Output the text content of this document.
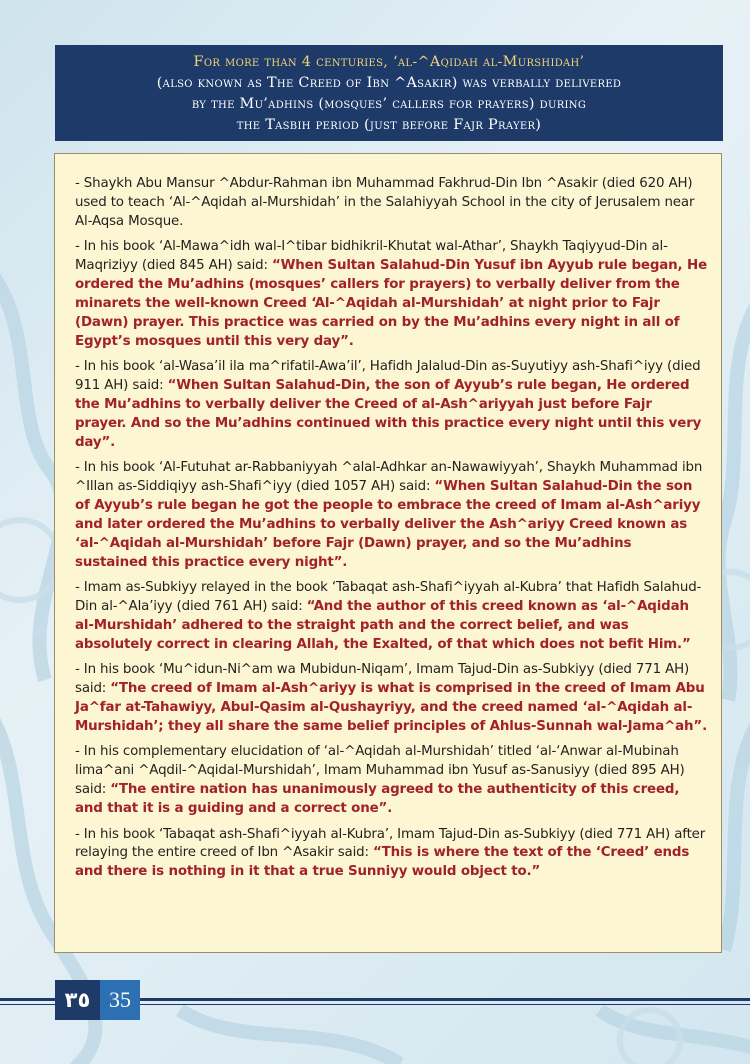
For more than 4 centuries, ‘al-^Aqidah al-Murshidah’
(also known as The Creed of Ibn ^Asakir) was verbally delivered
by the Mu’adhins (mosques’ callers for prayers) during
the Tasbih period (just before Fajr Prayer)

- Shaykh Abu Mansur ^Abdur-Rahman ibn Muhammad Fakhrud-Din Ibn ^Asakir (died 620 AH) used to teach ‘Al-^Aqidah al-Murshidah’ in the Salahiyyah School in the city of Jerusalem near Al-Aqsa Mosque.

- In his book ‘Al-Mawa^idh wal-I^tibar bidhikril-Khutat wal-Athar’, Shaykh Taqiyyud-Din al-Maqriziyy (died 845 AH) said: “When Sultan Salahud-Din Yusuf ibn Ayyub rule began, He ordered the Mu’adhins (mosques’ callers for prayers) to verbally deliver from the minarets the well-known Creed ‘Al-^Aqidah al-Murshidah’ at night prior to Fajr (Dawn) prayer. This practice was carried on by the Mu’adhins every night in all of Egypt’s mosques until this very day”.

- In his book ‘al-Wasa’il ila ma^rifatil-Awa’il’, Hafidh Jalalud-Din as-Suyutiyy ash-Shafi^iyy (died 911 AH) said: “When Sultan Salahud-Din, the son of Ayyub’s rule began, He ordered the Mu’adhins to verbally deliver the Creed of al-Ash^ariyyah just before Fajr prayer. And so the Mu’adhins continued with this practice every night until this very day”.

- In his book ‘Al-Futuhat ar-Rabbaniyyah ^alal-Adhkar an-Nawawiyyah’, Shaykh Muhammad ibn ^Illan as-Siddiqiyy ash-Shafi^iyy (died 1057 AH) said: “When Sultan Salahud-Din the son of Ayyub’s rule began he got the people to embrace the creed of Imam al-Ash^ariyy and later ordered the Mu’adhins to verbally deliver the Ash^ariyy Creed known as ‘al-^Aqidah al-Murshidah’ before Fajr (Dawn) prayer, and so the Mu’adhins sustained this practice every night”.

- Imam as-Subkiyy relayed in the book ‘Tabaqat ash-Shafi^iyyah al-Kubra’ that Hafidh Salahud-Din al-^Ala’iyy (died 761 AH) said: “And the author of this creed known as ‘al-^Aqidah al-Murshidah’ adhered to the straight path and the correct belief, and was absolutely correct in clearing Allah, the Exalted, of that which does not befit Him.”

- In his book ‘Mu^idun-Ni^am wa Mubidun-Niqam’, Imam Tajud-Din as-Subkiyy (died 771 AH) said: “The creed of Imam al-Ash^ariyy is what is comprised in the creed of Imam Abu Ja^far at-Tahawiyy, Abul-Qasim al-Qushayriyy, and the creed named ‘al-^Aqidah al-Murshidah’; they all share the same belief principles of Ahlus-Sunnah wal-Jama^ah”.

- In his complementary elucidation of ‘al-^Aqidah al-Murshidah’ titled ‘al-‘Anwar al-Mubinah lima^ani ^Aqdil-^Aqidal-Murshidah’, Imam Muhammad ibn Yusuf as-Sanusiyy (died 895 AH) said: “The entire nation has unanimously agreed to the authenticity of this creed, and that it is a guiding and a correct one”.

- In his book ‘Tabaqat ash-Shafi^iyyah al-Kubra’, Imam Tajud-Din as-Subkiyy (died 771 AH) after relaying the entire creed of Ibn ^Asakir said: “This is where the text of the ‘Creed’ ends and there is nothing in it that a true Sunniyy would object to.”

٣٥ 35
